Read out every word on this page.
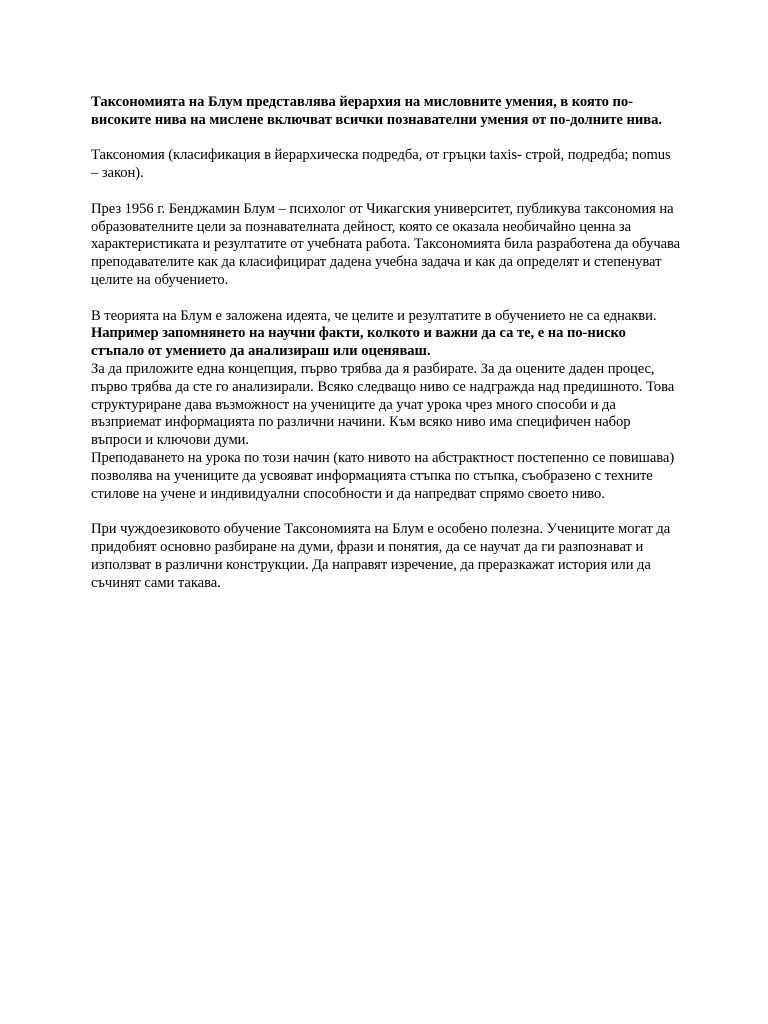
Таксономията на Блум представлява йерархия на мисловните умения, в която по-високите нива на мислене включват всички познавателни умения от по-долните нива.

Таксономия (класификация в йерархическа подредба, от гръцки taxis- строй, подредба; nomus – закон).

През 1956 г. Бенджамин Блум – психолог от Чикагския университет, публикува таксономия на образователните цели за познавателната дейност, която се оказала необичайно ценна за характеристиката и резултатите от учебната работа. Таксономията била разработена да обучава преподавателите как да класифицират дадена учебна задача и как да определят и степенуват целите на обучението.

В теорията на Блум е заложена идеята, че целите и резултатите в обучението не са еднакви. Например запомнянето на научни факти, колкото и важни да са те, е на по-ниско стъпало от умението да анализираш или оценяваш.

За да приложите една концепция, първо трябва да я разбирате. За да оцените даден процес, първо трябва да сте го анализирали. Всяко следващо ниво се надгражда над предишното. Това структуриране дава възможност на учениците да учат урока чрез много способи и да възприемат информацията по различни начини. Към всяко ниво има специфичен набор въпроси и ключови думи.

Преподаването на урока по този начин (като нивото на абстрактност постепенно се повишава) позволява на учениците да усвояват информацията стъпка по стъпка, съобразено с техните стилове на учене и индивидуални способности и да напредват спрямо своето ниво.

При чуждоезиковото обучение Таксономията на Блум е особено полезна. Учениците могат да придобият основно разбиране на думи, фрази и понятия, да се научат да ги разпознават и използват в различни конструкции. Да направят изречение, да преразкажат история или да съчинят сами такава.
